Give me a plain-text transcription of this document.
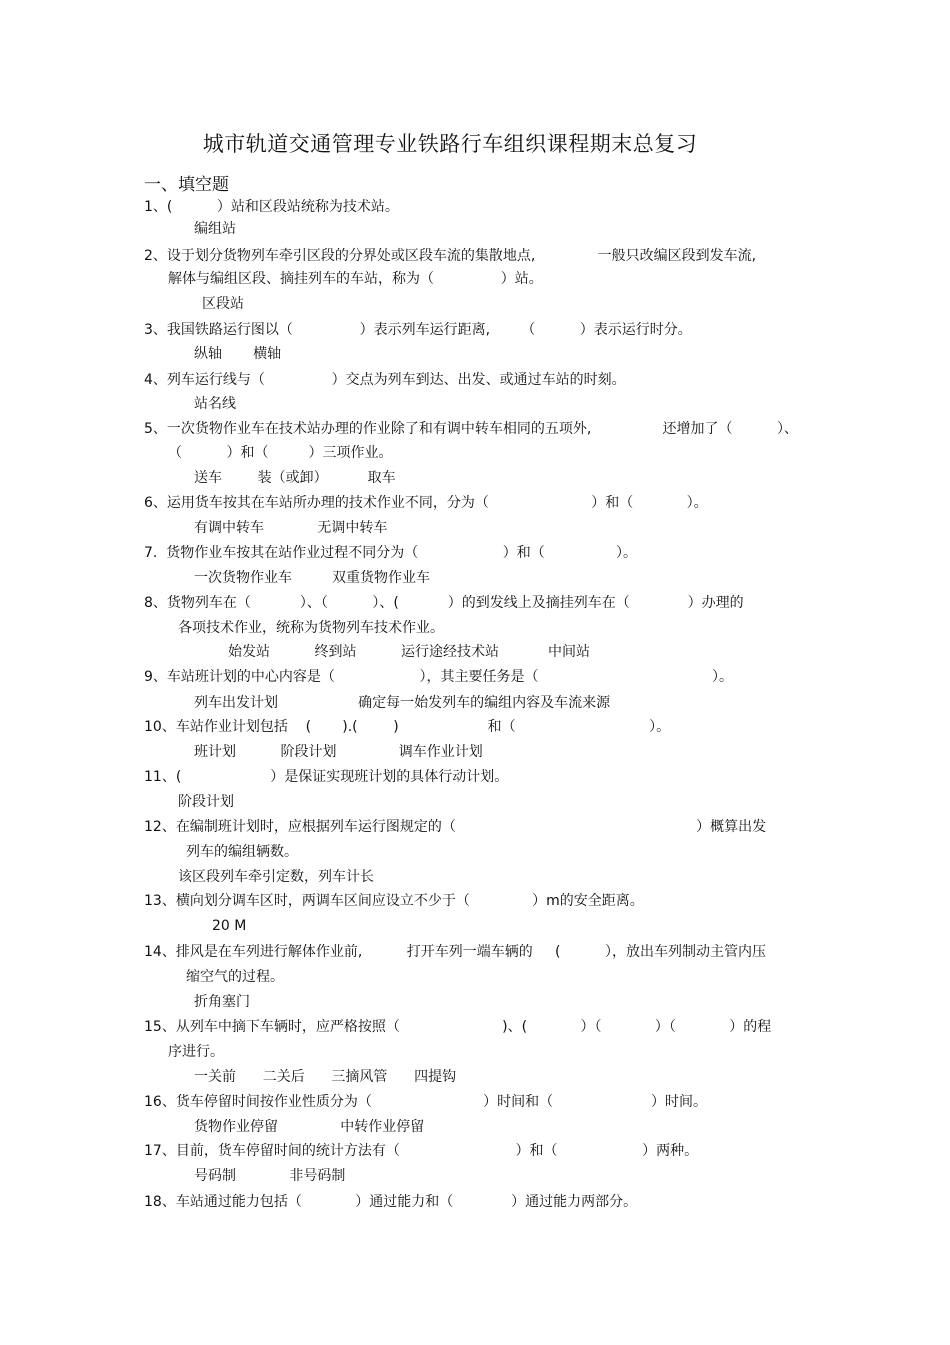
城市轨道交通管理专业铁路行车组织课程期末总复习
一、填空题
1、(          ）站和区段站统称为技术站。
编组站
2、设于划分货物列车牵引区段的分界处或区段车流的集散地点,              一般只改编区段到发车流,
解体与编组区段、摘挂列车的车站，称为（               ）站。
区段站
3、我国铁路运行图以（               ）表示列车运行距离,       （          ）表示运行时分。
纵轴       横轴
4、列车运行线与（               ）交点为列车到达、出发、或通过车站的时刻。
站名线
5、一次货物作业车在技术站办理的作业除了和有调中转车相同的五项外,                还增加了（          ）、
（          ）和（         ）三项作业。
送车        装（或卸）         取车
6、运用货车按其在车站所办理的技术作业不同，分为（                       ）和（            ）。
有调中转车            无调中转车
7.  货物作业车按其在站作业过程不同分为（                   ）和（                ）。
一次货物作业车         双重货物作业车
8、货物列车在（           ）、（          ）、(           ）的到发线上及摘挂列车在（             ）办理的
各项技术作业，统称为货物列车技术作业。
始发站          终到站          运行途经技术站           中间站
9、车站班计划的中心内容是（                   ），其主要任务是（                                       ）。
列车出发计划                  确定每一始发列车的编组内容及车流来源
10、车站作业计划包括    (       ).(        )                    和（                              ）。
班计划          阶段计划              调车作业计划
11、(                    ）是保证实现班计划的具体行动计划。
阶段计划
12、在编制班计划时，应根据列车运行图规定的（                                                      ）概算出发
列车的编组辆数。
该区段列车牵引定数，列车计长
13、横向划分调车区时，两调车区间应设立不少于（              ）m的安全距离。
20 M
14、排风是在车列进行解体作业前,          打开车列一端车辆的     (          ），放出车列制动主管内压
缩空气的过程。
折角塞门
15、从列车中摘下车辆时，应严格按照（                       )、(            ）（            ）（            ）的程
序进行。
一关前      二关后      三摘风管      四提钩
16、货车停留时间按作业性质分为（                         ）时间和（                      ）时间。
货物作业停留              中转作业停留
17、目前，货车停留时间的统计方法有（                          ）和（                   ）两种。
号码制            非号码制
18、车站通过能力包括（            ）通过能力和（             ）通过能力两部分。
